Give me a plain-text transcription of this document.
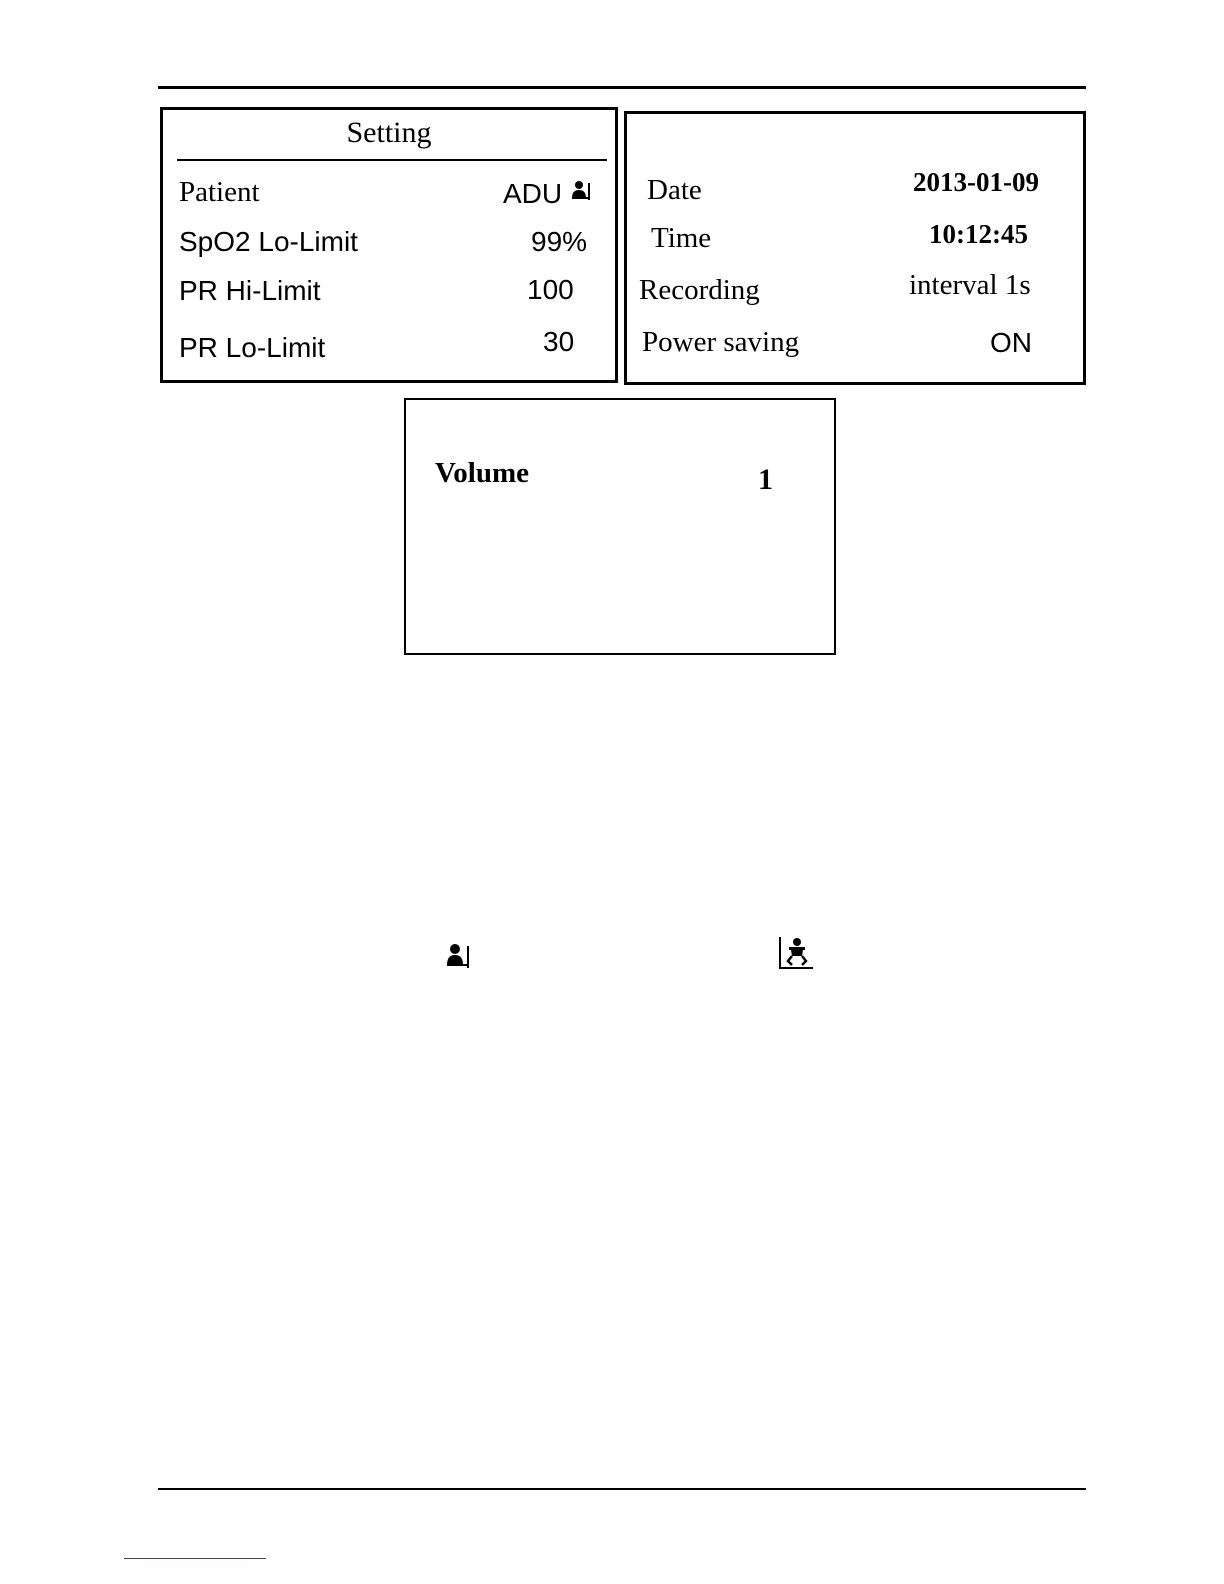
Setting
Patient	ADU
SpO2 Lo-Limit	99%
PR Hi-Limit	100
PR Lo-Limit	30
Date	2013-01-09
Time	10:12:45
Recording	interval 1s
Power saving	ON
Volume	1
